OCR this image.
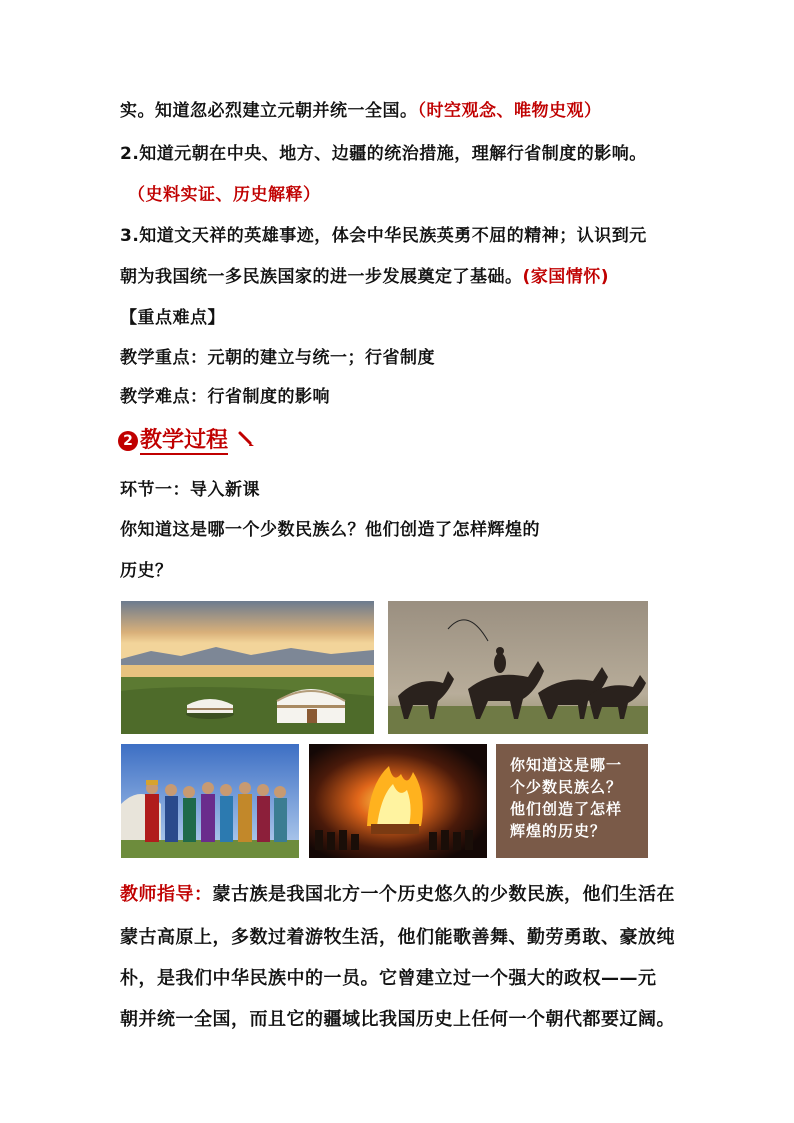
实。知道忽必烈建立元朝并统一全国。（时空观念、唯物史观）
2.知道元朝在中央、地方、边疆的统治措施，理解行省制度的影响。
（史料实证、历史解释）
3.知道文天祥的英雄事迹，体会中华民族英勇不屈的精神；认识到元
朝为我国统一多民族国家的进一步发展奠定了基础。(家国情怀)
【重点难点】
教学重点：元朝的建立与统一；行省制度
教学难点：行省制度的影响
2 教学过程
环节一：导入新课
你知道这是哪一个少数民族么？他们创造了怎样辉煌的
历史？
你知道这是哪一个少数民族么？他们创造了怎样辉煌的历史？
教师指导：蒙古族是我国北方一个历史悠久的少数民族，他们生活在
蒙古高原上，多数过着游牧生活，他们能歌善舞、勤劳勇敢、豪放纯
朴，是我们中华民族中的一员。它曾建立过一个强大的政权——元
朝并统一全国，而且它的疆域比我国历史上任何一个朝代都要辽阔。
